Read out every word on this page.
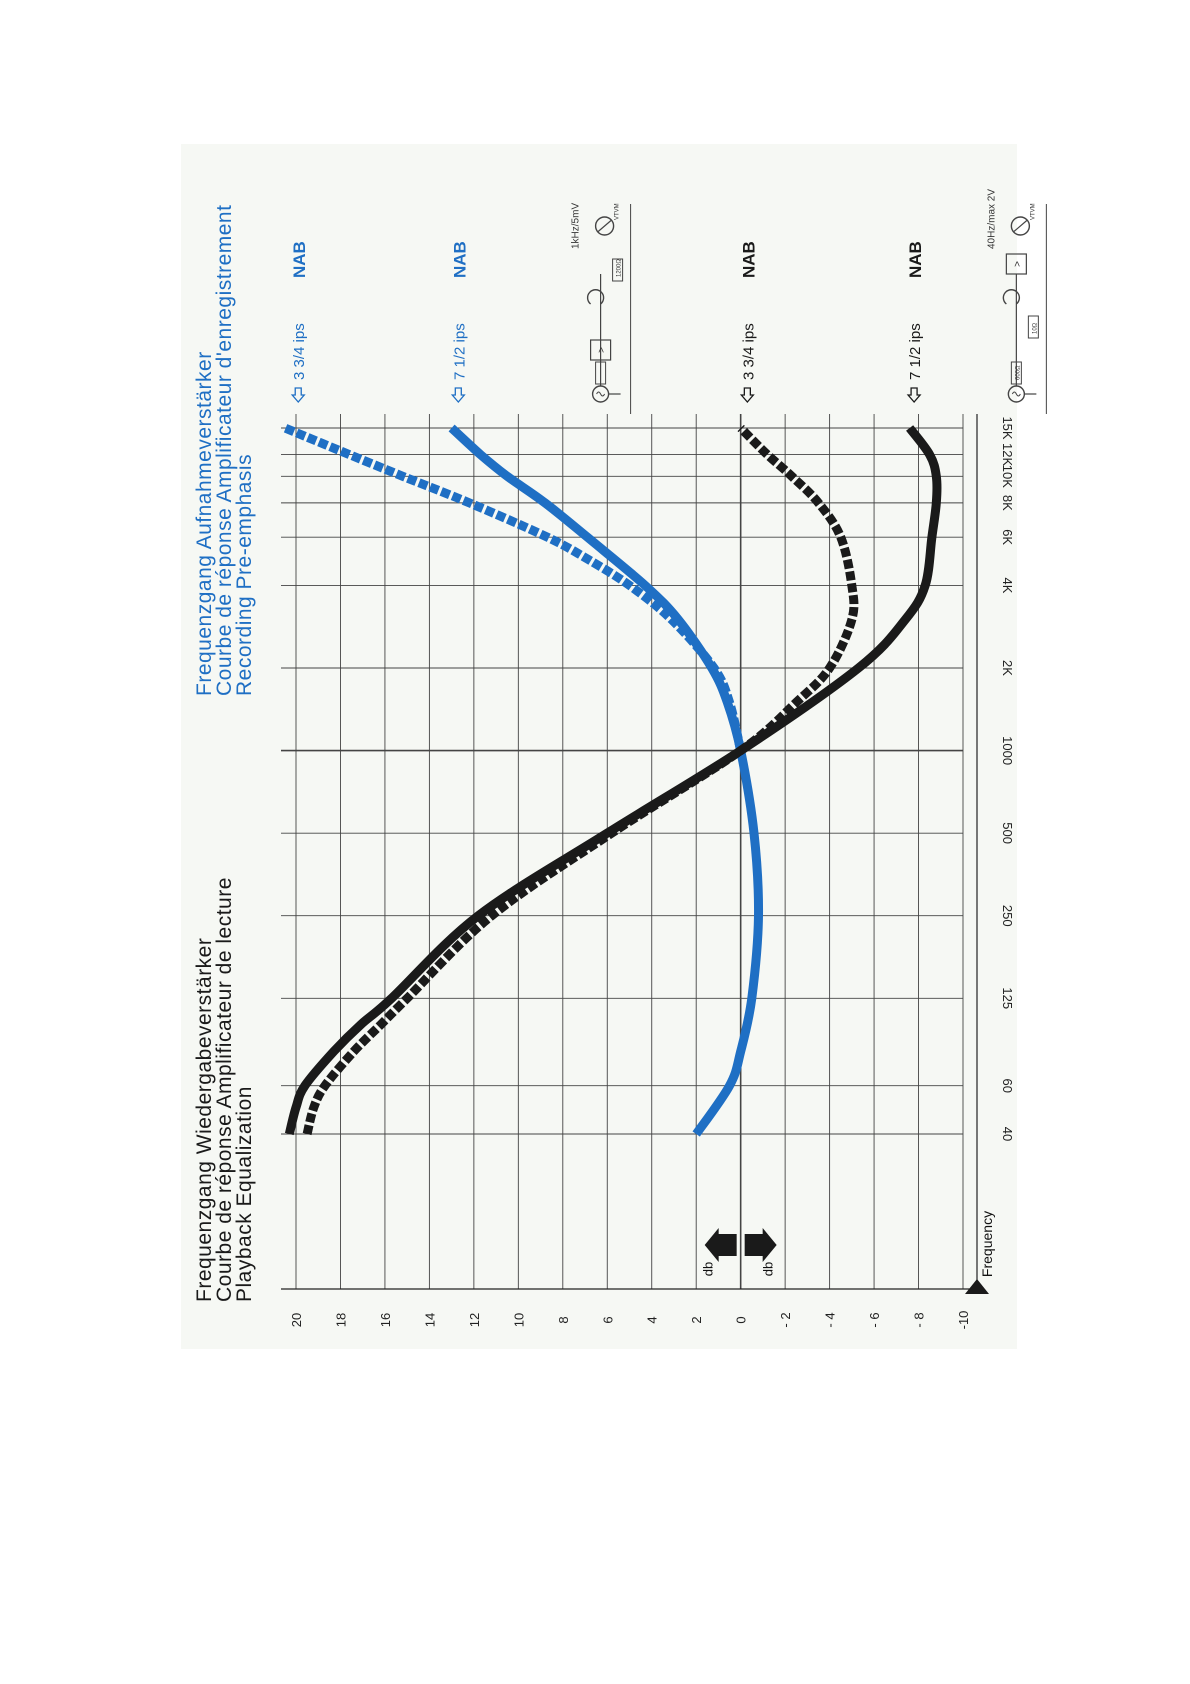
20 18 16 14 12 10 8 6 4 2 0 - 2 - 4 - 6 - 8 -10
40
60
125
250
500
1000
2K
4K
6K
8K
10K
12K
15K
Frequency
db	db
Frequenzgang Wiedergabeverstärker
Courbe de réponse Amplificateur de lecture
Playback Equalization
Frequenzgang Aufnahmeverstärker
Courbe de réponse Amplificateur d'enregistrement
Recording Pre-emphasis
3 3/4 ips
NAB
7 1/2 ips
NAB
3 3/4 ips
NAB
7 1/2 ips
NAB
>
1200Ω
VTVM
1kHz/5mV
600Ω
>
10Ω
VTVM
40Hz/max 2V
